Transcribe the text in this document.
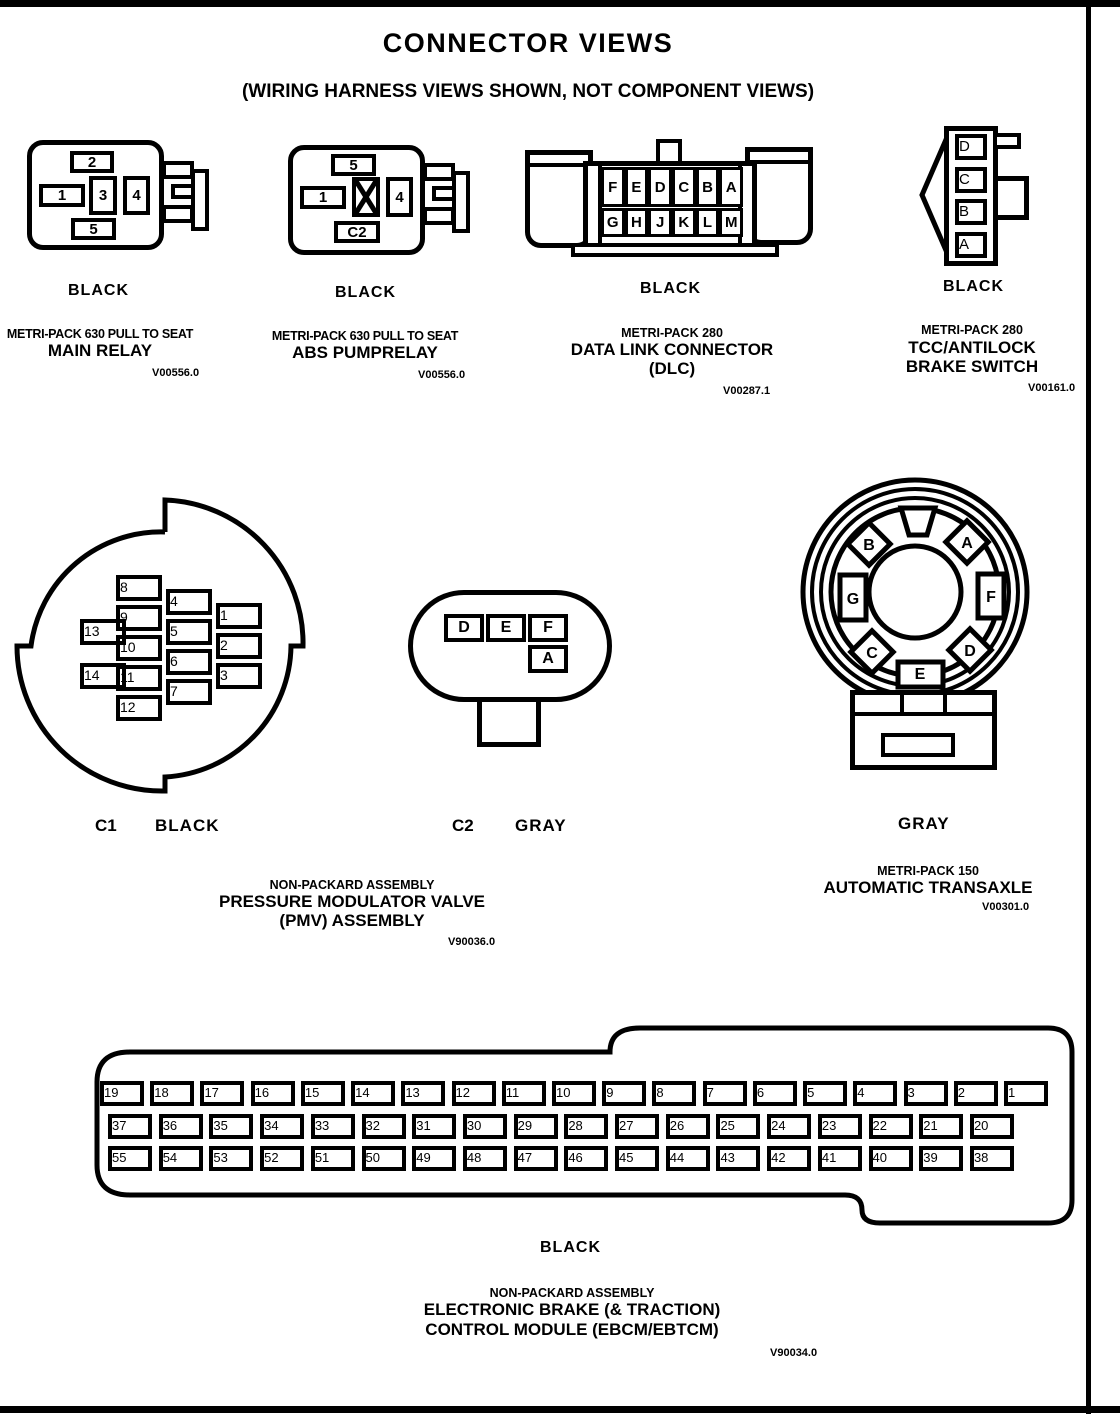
CONNECTOR VIEWS
(WIRING HARNESS VIEWS SHOWN, NOT COMPONENT VIEWS)
2
1	3	4
5
BLACK
METRI-PACK 630 PULL TO SEAT
MAIN RELAY
V00556.0
5
1	4
C2
BLACK
METRI-PACK 630 PULL TO SEAT
ABS PUMPRELAY
V00556.0
F E D C B A
G H J K L M
BLACK
METRI-PACK 280
DATA LINK CONNECTOR
(DLC)
V00287.1
D
C
B
A
BLACK
METRI-PACK 280
TCC/ANTILOCK
BRAKE SWITCH
V00161.0
13
14
8
9
10
11
12
4
5
6
7
1
2
3
D	E	F
A
C1 BLACK	C2 GRAY
NON-PACKARD ASSEMBLY
PRESSURE MODULATOR VALVE
(PMV) ASSEMBLY
V90036.0
B	A
G	F
C	D
E
GRAY
METRI-PACK 150
AUTOMATIC TRANSAXLE
V00301.0
19	18	17	16	15	14	13	12	11	10	9	8	7	6	5	4	3	2	1
37	36	35	34	33	32	31	30	29	28	27	26	25	24	23	22	21	20
55	54	53	52	51	50	49	48	47	46	45	44	43	42	41	40	39	38
BLACK
NON-PACKARD ASSEMBLY
ELECTRONIC BRAKE (& TRACTION)
CONTROL MODULE (EBCM/EBTCM)
V90034.0
